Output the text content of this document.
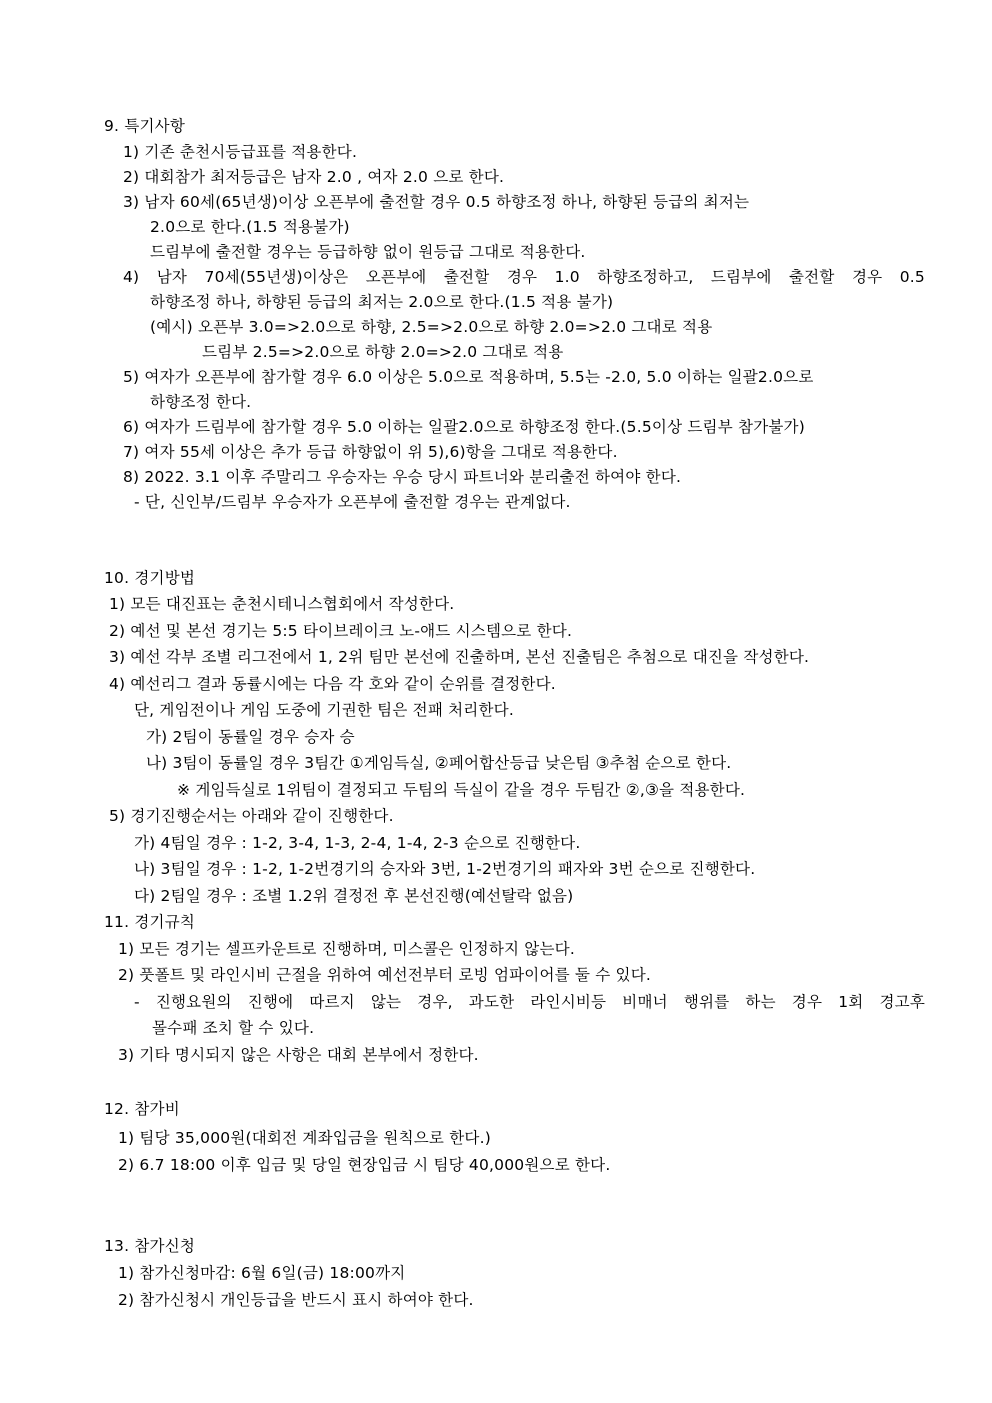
9. 특기사항
1) 기존 춘천시등급표를 적용한다.
2) 대회참가 최저등급은 남자 2.0 , 여자 2.0 으로 한다.
3) 남자 60세(65년생)이상 오픈부에 출전할 경우 0.5 하향조정 하나, 하향된 등급의 최저는
2.0으로 한다.(1.5 적용불가)
드림부에 출전할 경우는 등급하향 없이 원등급 그대로 적용한다.
4) 남자 70세(55년생)이상은 오픈부에 출전할 경우 1.0 하향조정하고, 드림부에 출전할 경우 0.5
하향조정 하나, 하향된 등급의 최저는 2.0으로 한다.(1.5 적용 불가)
(예시) 오픈부 3.0=>2.0으로 하향, 2.5=>2.0으로 하향 2.0=>2.0 그대로 적용
드림부 2.5=>2.0으로 하향 2.0=>2.0 그대로 적용
5) 여자가 오픈부에 참가할 경우 6.0 이상은 5.0으로 적용하며, 5.5는 -2.0, 5.0 이하는 일괄2.0으로
하향조정 한다.
6) 여자가 드림부에 참가할 경우 5.0 이하는 일괄2.0으로 하향조정 한다.(5.5이상 드림부 참가불가)
7) 여자 55세 이상은 추가 등급 하향없이 위 5),6)항을 그대로 적용한다.
8) 2022. 3.1 이후 주말리그 우승자는 우승 당시 파트너와 분리출전 하여야 한다.
- 단, 신인부/드림부 우승자가 오픈부에 출전할 경우는 관계없다.
10. 경기방법
1) 모든 대진표는 춘천시테니스협회에서 작성한다.
2) 예선 및 본선 경기는 5:5 타이브레이크 노-애드 시스템으로 한다.
3) 예선 각부 조별 리그전에서 1, 2위 팀만 본선에 진출하며, 본선 진출팀은 추첨으로 대진을 작성한다.
4) 예선리그 결과 동률시에는 다음 각 호와 같이 순위를 결정한다.
단, 게임전이나 게임 도중에 기권한 팀은 전패 처리한다.
가) 2팀이 동률일 경우 승자 승
나) 3팀이 동률일 경우 3팀간 ①게임득실, ②페어합산등급 낮은팀 ③추첨 순으로 한다.
※ 게임득실로 1위팀이 결정되고 두팀의 득실이 같을 경우 두팀간 ②,③을 적용한다.
5) 경기진행순서는 아래와 같이 진행한다.
가) 4팀일 경우 : 1-2, 3-4, 1-3, 2-4, 1-4, 2-3 순으로 진행한다.
나) 3팀일 경우 : 1-2, 1-2번경기의 승자와 3번, 1-2번경기의 패자와 3번 순으로 진행한다.
다) 2팀일 경우 : 조별 1.2위 결정전 후 본선진행(예선탈락 없음)
11. 경기규칙
1) 모든 경기는 셀프카운트로 진행하며, 미스콜은 인정하지 않는다.
2) 풋폴트 및 라인시비 근절을 위하여 예선전부터 로빙 엄파이어를 둘 수 있다.
- 진행요원의 진행에 따르지 않는 경우, 과도한 라인시비등 비매너 행위를 하는 경우 1회 경고후
몰수패 조치 할 수 있다.
3) 기타 명시되지 않은 사항은 대회 본부에서 정한다.
12. 참가비
1) 팀당 35,000원(대회전 계좌입금을 원칙으로 한다.)
2) 6.7 18:00 이후 입금 및 당일 현장입금 시 팀당 40,000원으로 한다.
13. 참가신청
1) 참가신청마감: 6월 6일(금) 18:00까지
2) 참가신청시 개인등급을 반드시 표시 하여야 한다.
